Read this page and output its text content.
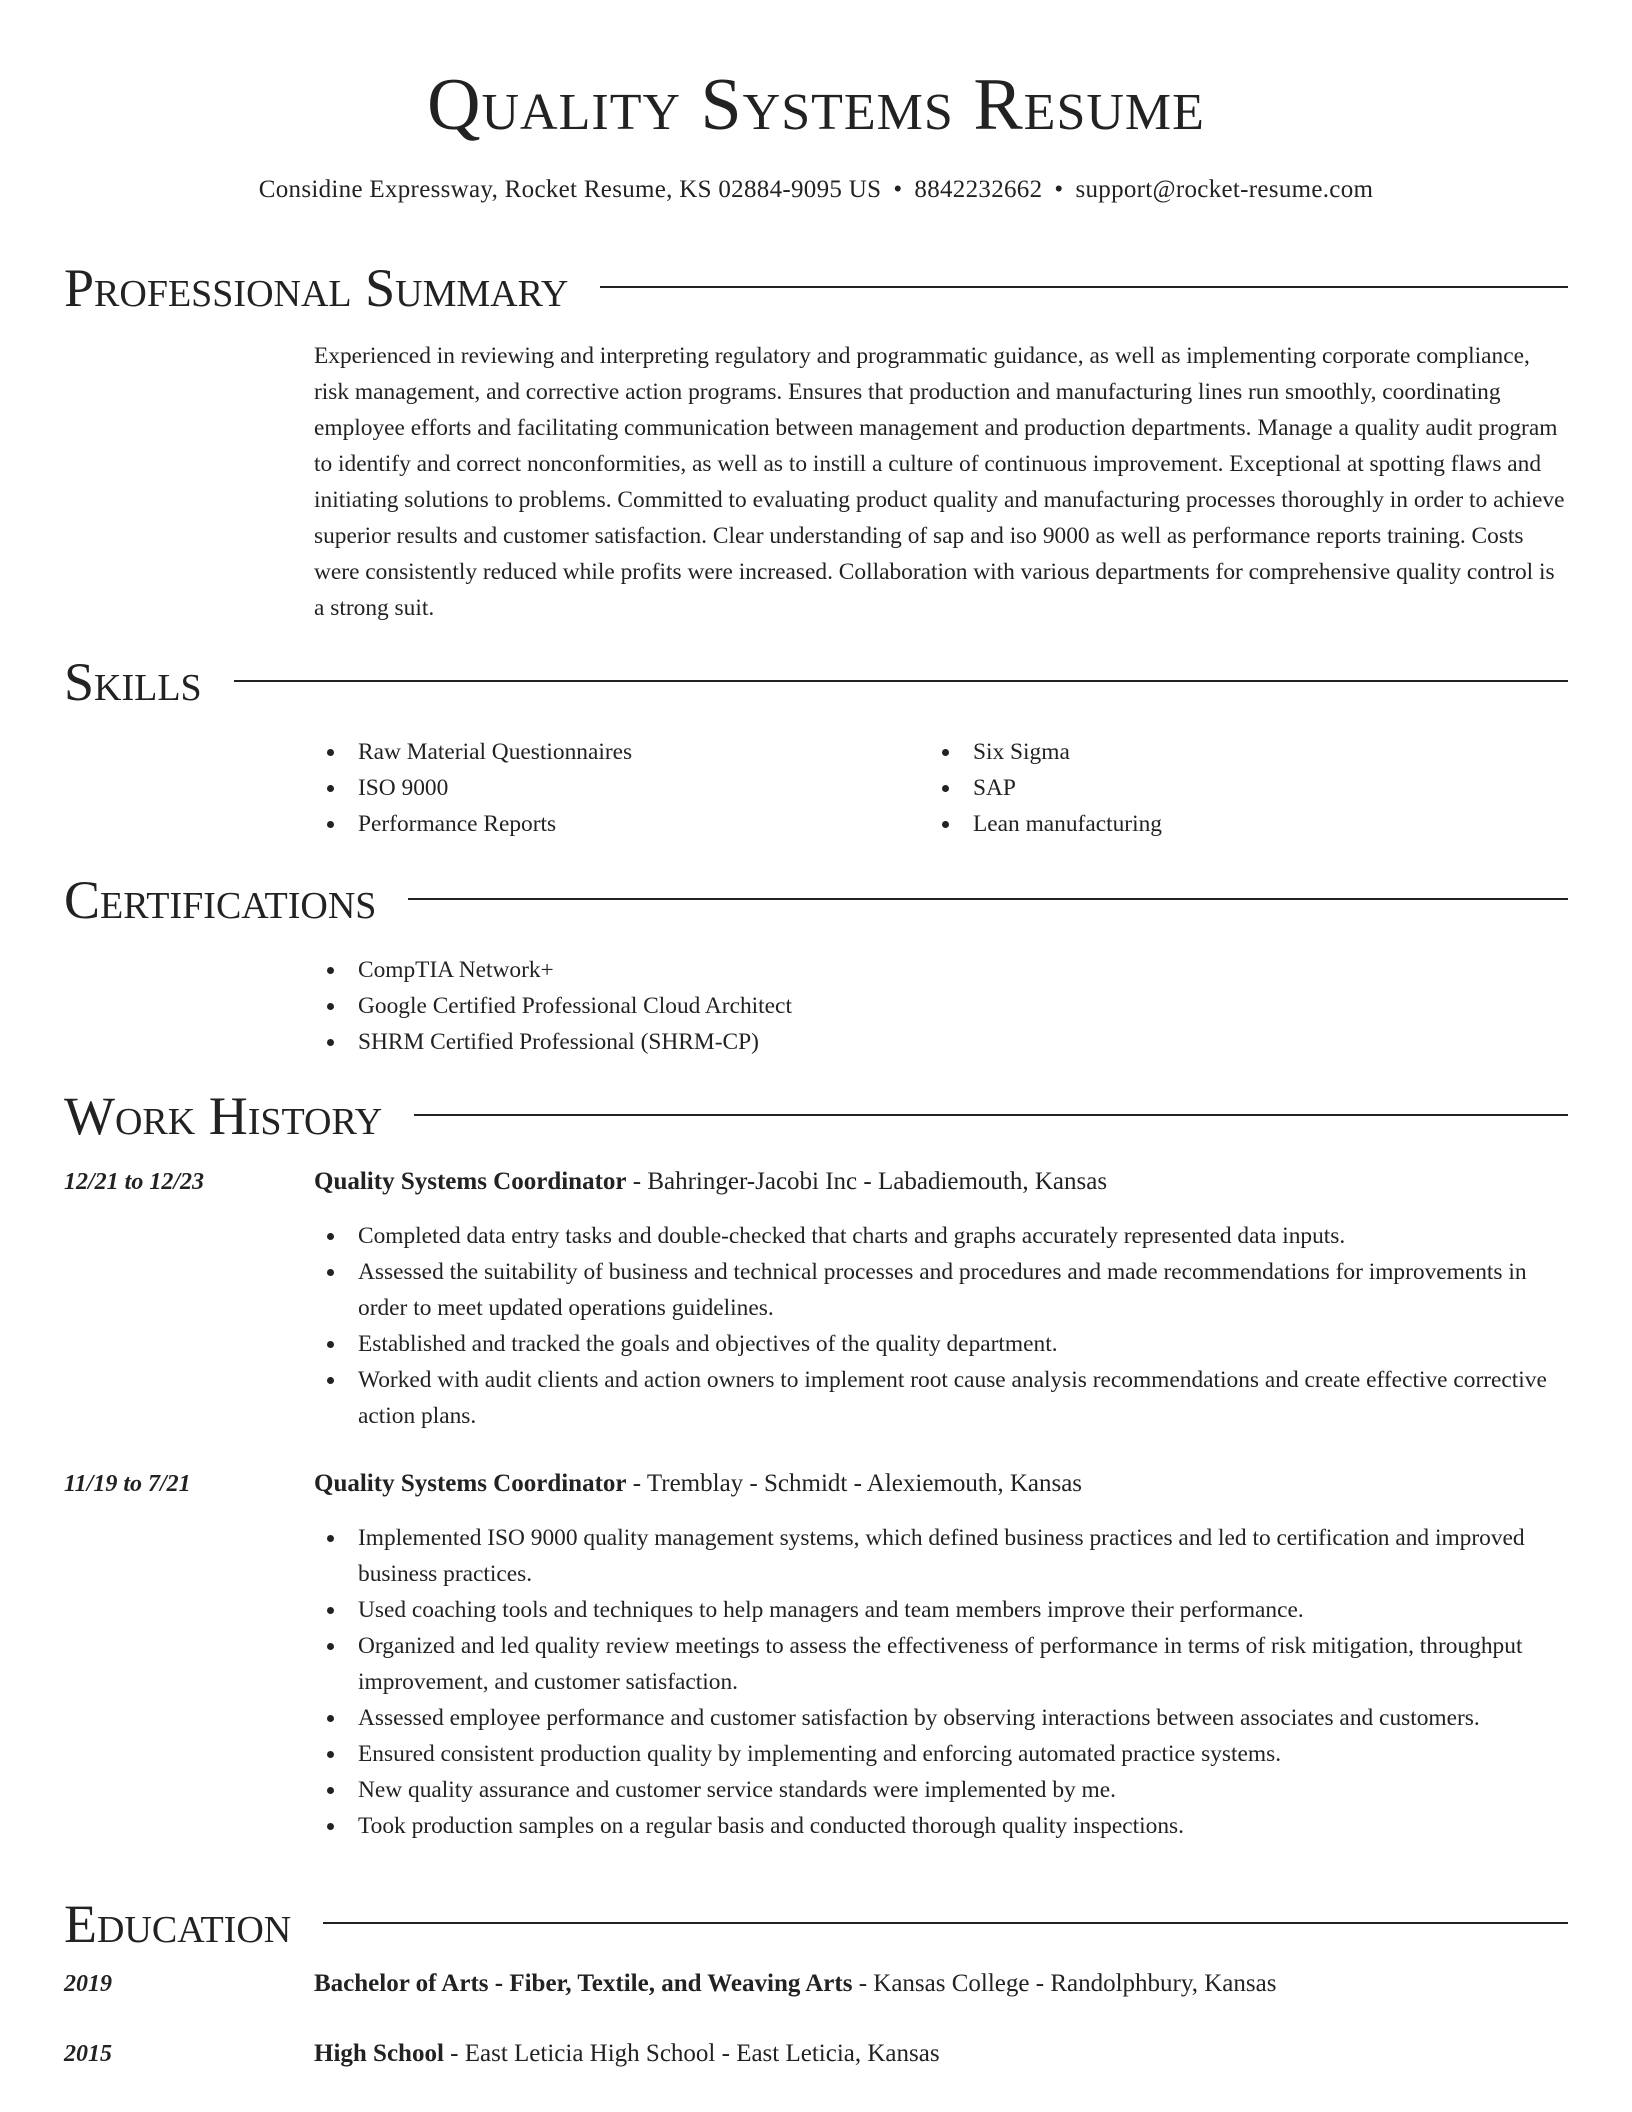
Quality Systems Resume
Considine Expressway, Rocket Resume, KS 02884-9095 US • 8842232662 • support@rocket-resume.com
Professional Summary

Experienced in reviewing and interpreting regulatory and programmatic guidance, as well as implementing corporate compliance, risk management, and corrective action programs. Ensures that production and manufacturing lines run smoothly, coordinating employee efforts and facilitating communication between management and production departments. Manage a quality audit program to identify and correct nonconformities, as well as to instill a culture of continuous improvement. Exceptional at spotting flaws and initiating solutions to problems. Committed to evaluating product quality and manufacturing processes thoroughly in order to achieve superior results and customer satisfaction. Clear understanding of sap and iso 9000 as well as performance reports training. Costs were consistently reduced while profits were increased. Collaboration with various departments for comprehensive quality control is a strong suit.

Skills
Raw Material Questionnaires
ISO 9000
Performance Reports
Six Sigma
SAP
Lean manufacturing
Certifications
CompTIA Network+
Google Certified Professional Cloud Architect
SHRM Certified Professional (SHRM-CP)
Work History
12/21 to 12/23	Quality Systems Coordinator - Bahringer-Jacobi Inc - Labadiemouth, Kansas
Completed data entry tasks and double-checked that charts and graphs accurately represented data inputs.
Assessed the suitability of business and technical processes and procedures and made recommendations for improvements in order to meet updated operations guidelines.
Established and tracked the goals and objectives of the quality department.
Worked with audit clients and action owners to implement root cause analysis recommendations and create effective corrective action plans.
11/19 to 7/21	Quality Systems Coordinator - Tremblay - Schmidt - Alexiemouth, Kansas
Implemented ISO 9000 quality management systems, which defined business practices and led to certification and improved business practices.
Used coaching tools and techniques to help managers and team members improve their performance.
Organized and led quality review meetings to assess the effectiveness of performance in terms of risk mitigation, throughput improvement, and customer satisfaction.
Assessed employee performance and customer satisfaction by observing interactions between associates and customers.
Ensured consistent production quality by implementing and enforcing automated practice systems.
New quality assurance and customer service standards were implemented by me.
Took production samples on a regular basis and conducted thorough quality inspections.
Education
2019	Bachelor of Arts - Fiber, Textile, and Weaving Arts - Kansas College - Randolphbury, Kansas
2015	High School - East Leticia High School - East Leticia, Kansas
